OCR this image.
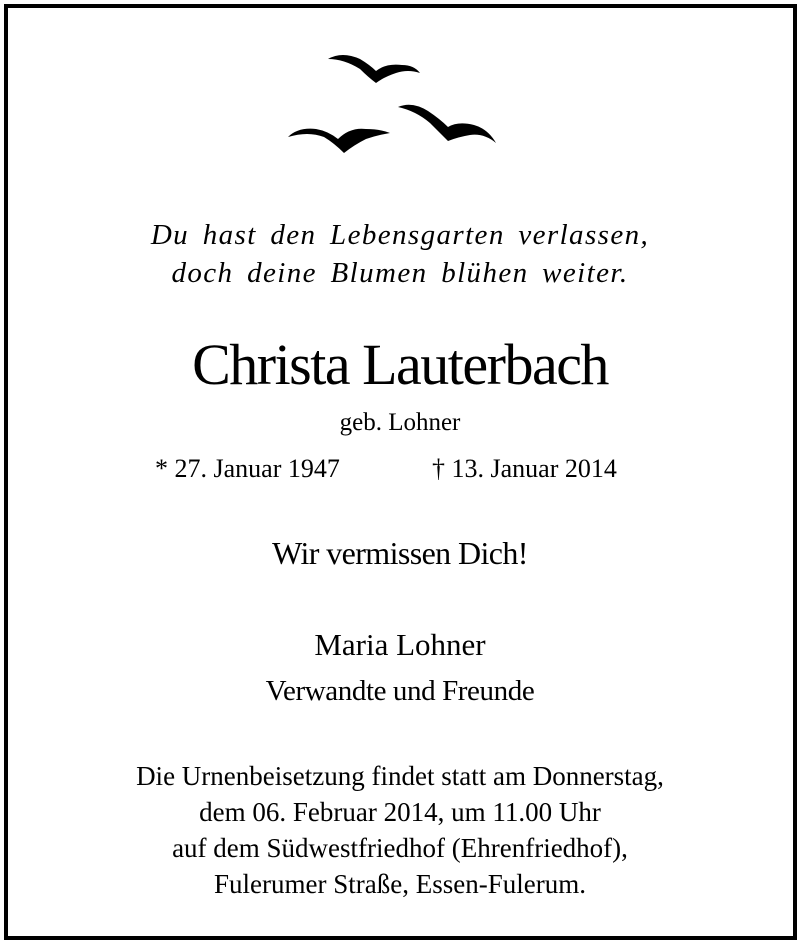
Du hast den Lebensgarten verlassen,
doch deine Blumen blühen weiter.
Christa Lauterbach
geb. Lohner
* 27. Januar 1947	† 13. Januar 2014
Wir vermissen Dich!
Maria Lohner
Verwandte und Freunde
Die Urnenbeisetzung findet statt am Donnerstag,
dem 06. Februar 2014, um 11.00 Uhr
auf dem Südwestfriedhof (Ehrenfriedhof),
Fulerumer Straße, Essen-Fulerum.
